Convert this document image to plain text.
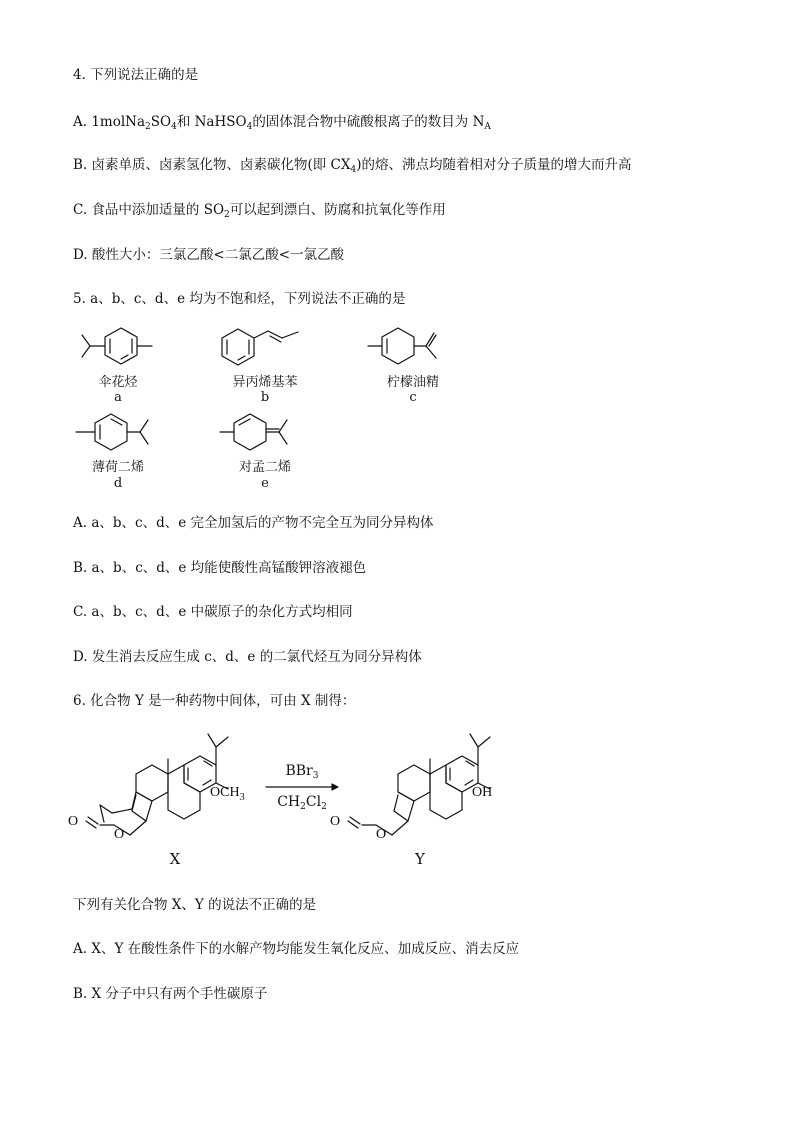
4. 下列说法正确的是
A. $1molNa_2SO_4$和 NaHSO$_4$的固体混合物中硫酸根离子的数目为 $N_A$
B. 卤素单质、卤素氢化物、卤素碳化物(即 $CX_4$)的熔、沸点均随着相对分子质量的增大而升高
C. 食品中添加适量的 $SO_2$可以起到漂白、防腐和抗氧化等作用
D. 酸性大小：三氯乙酸<二氯乙酸<一氯乙酸
5. a、b、c、d、e 均为不饱和烃，下列说法不正确的是
伞花烃
a
异丙烯基苯
b
柠檬油精
c
薄荷二烯
d
对孟二烯
e
A. a、b、c、d、e 完全加氢后的产物不完全互为同分异构体
B. a、b、c、d、e 均能使酸性高锰酸钾溶液褪色
C. a、b、c、d、e 中碳原子的杂化方式均相同
D. 发生消去反应生成 c、d、e 的二氯代烃互为同分异构体
6. 化合物 Y 是一种药物中间体，可由 X 制得：
O
O
$OCH_3$
BBr$_3$
$CH_2Cl_2$
O
O
OH
X	Y
下列有关化合物 X、Y 的说法不正确的是
A. X、Y 在酸性条件下的水解产物均能发生氧化反应、加成反应、消去反应
B. X 分子中只有两个手性碳原子
